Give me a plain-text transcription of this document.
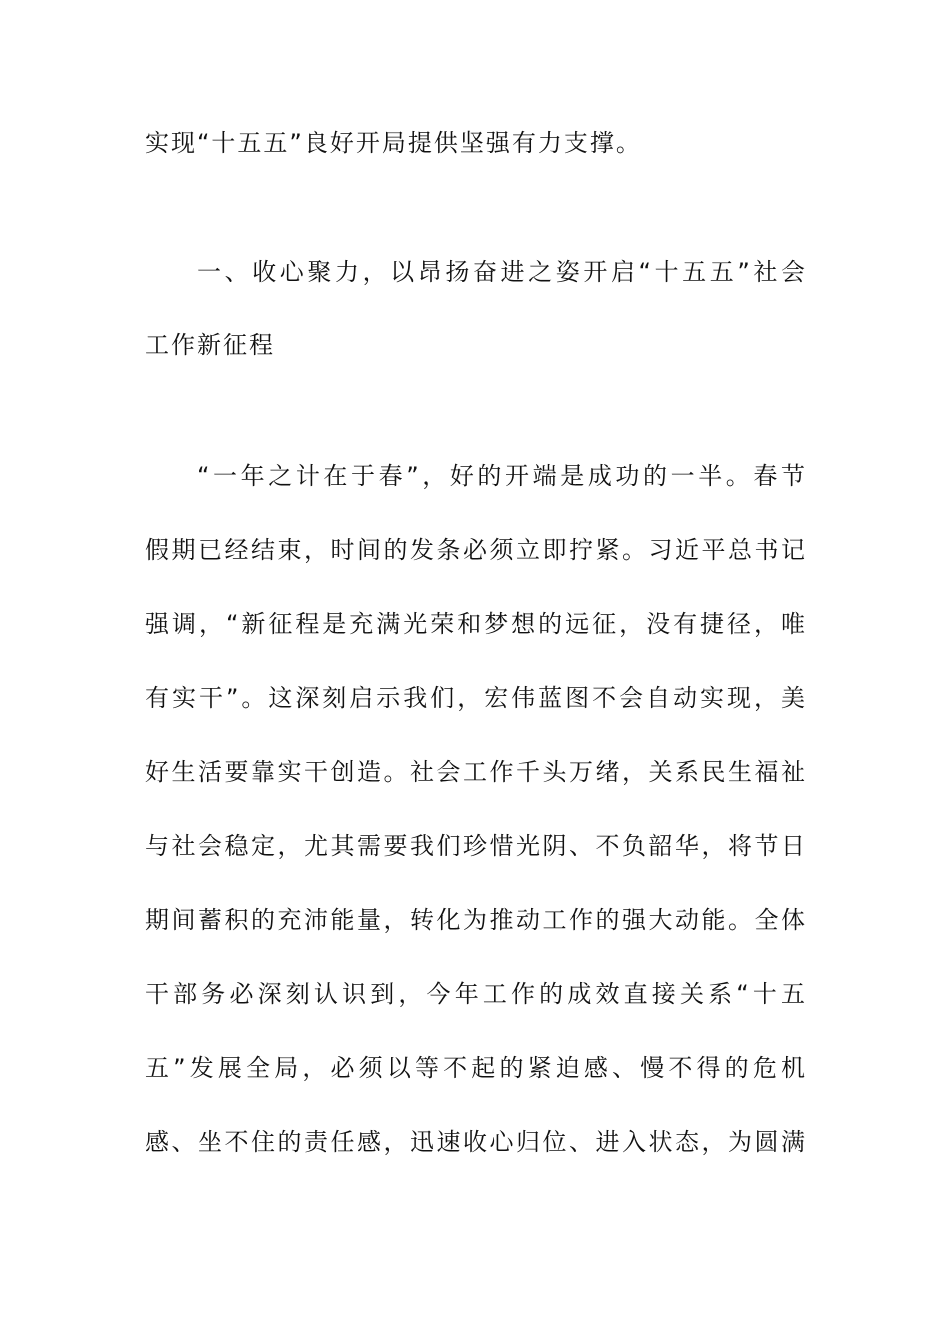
实现“十五五”良好开局提供坚强有力支撑。
一、收心聚力，以昂扬奋进之姿开启“十五五”社会
工作新征程
“一年之计在于春”，好的开端是成功的一半。春节
假期已经结束，时间的发条必须立即拧紧。习近平总书记
强调，“新征程是充满光荣和梦想的远征，没有捷径，唯
有实干”。这深刻启示我们，宏伟蓝图不会自动实现，美
好生活要靠实干创造。社会工作千头万绪，关系民生福祉
与社会稳定，尤其需要我们珍惜光阴、不负韶华，将节日
期间蓄积的充沛能量，转化为推动工作的强大动能。全体
干部务必深刻认识到，今年工作的成效直接关系“十五
五”发展全局，必须以等不起的紧迫感、慢不得的危机
感、坐不住的责任感，迅速收心归位、进入状态，为圆满
